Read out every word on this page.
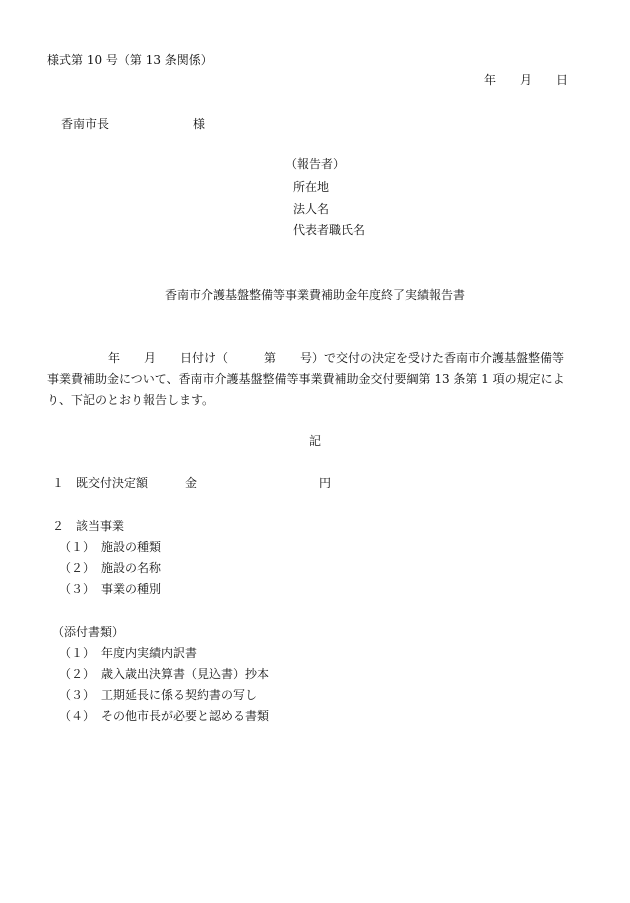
様式第 10 号（第 13 条関係）
年　　月　　日
香南市長　　　　　　　様
（報告者）
所在地
法人名
代表者職氏名
香南市介護基盤整備等事業費補助金年度終了実績報告書
年　　月　　日付け（　　　第　　号）で交付の決定を受けた香南市介護基盤整備等
事業費補助金について、香南市介護基盤整備等事業費補助金交付要綱第 13 条第 1 項の規定によ
り、下記のとおり報告します。
記
１　既交付決定額	金	円
２　該当事業
（１）　施設の種類
（２）　施設の名称
（３）　事業の種別
（添付書類）
（１）　年度内実績内訳書
（２）　歳入歳出決算書（見込書）抄本
（３）　工期延長に係る契約書の写し
（４）　その他市長が必要と認める書類
